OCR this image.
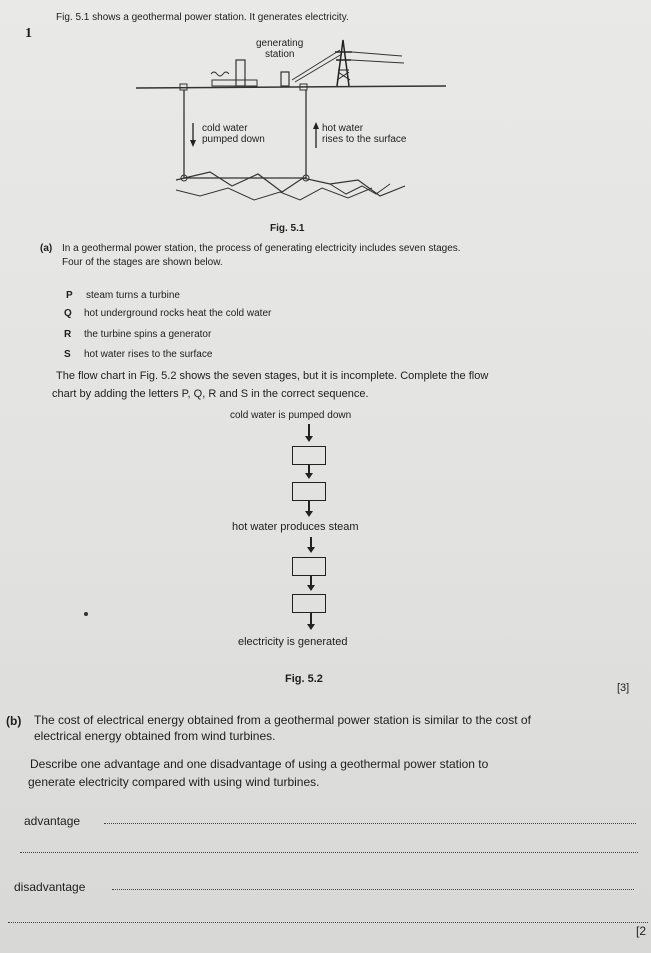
Fig. 5.1 shows a geothermal power station. It generates electricity.
1
generating
station
cold water
pumped down
hot water
rises to the surface
Fig. 5.1
(a) In a geothermal power station, the process of generating electricity includes seven stages.
Four of the stages are shown below.
P steam turns a turbine
Q hot underground rocks heat the cold water
R the turbine spins a generator
S hot water rises to the surface
The flow chart in Fig. 5.2 shows the seven stages, but it is incomplete. Complete the flow
chart by adding the letters P, Q, R and S in the correct sequence.
cold water is pumped down
hot water produces steam
electricity is generated
Fig. 5.2
[3]
(b) The cost of electrical energy obtained from a geothermal power station is similar to the cost of
electrical energy obtained from wind turbines.
Describe one advantage and one disadvantage of using a geothermal power station to
generate electricity compared with using wind turbines.
advantage
disadvantage
[2
